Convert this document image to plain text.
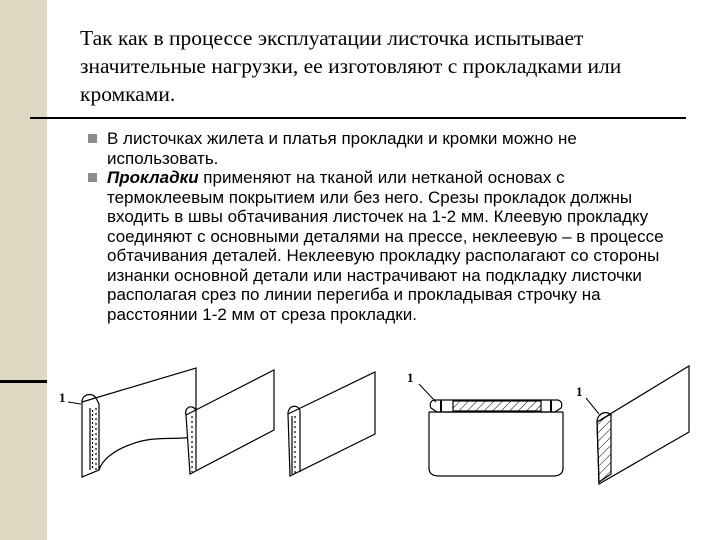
Так как в процессе эксплуатации листочка испытывает значительные нагрузки, ее изготовляют с прокладками или кромками.
В листочках жилета и платья прокладки и кромки можно не использовать.
Прокладки применяют на тканой или нетканой основах с термоклеевым покрытием или без него. Срезы прокладок должны входить в швы обтачивания листочек на 1-2 мм. Клеевую прокладку соединяют с основными деталями на прессе, неклеевую – в процессе обтачивания деталей. Неклеевую прокладку располагают со стороны изнанки основной детали или настрачивают на подкладку листочки располагая срез по линии перегиба и прокладывая строчку на расстоянии 1-2 мм от среза прокладки.
1
1
1
